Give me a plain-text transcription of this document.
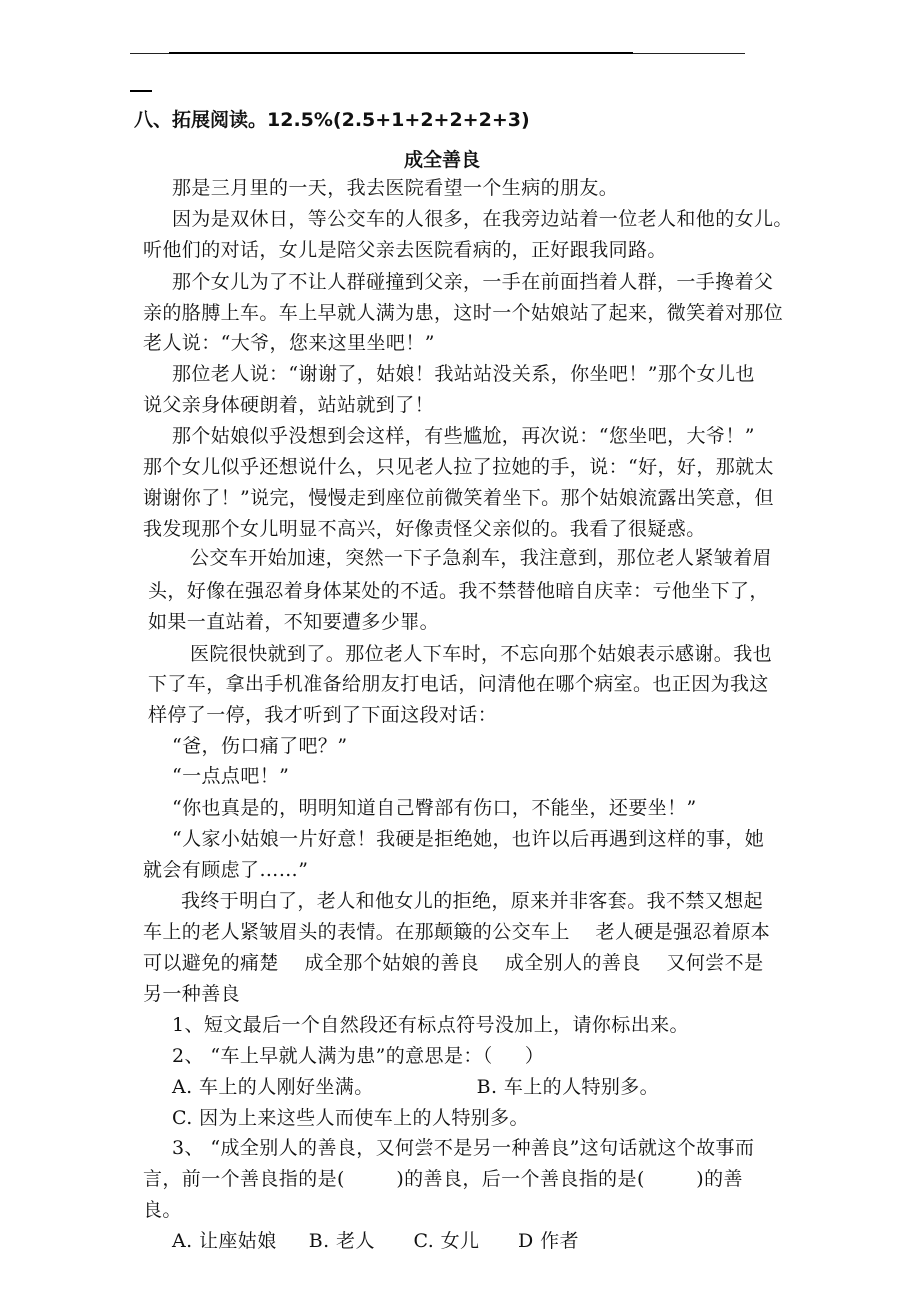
八、拓展阅读。12.5%(2.5+1+2+2+2+3)
成全善良
那是三月里的一天，我去医院看望一个生病的朋友。
因为是双休日，等公交车的人很多，在我旁边站着一位老人和他的女儿。
听他们的对话，女儿是陪父亲去医院看病的，正好跟我同路。
那个女儿为了不让人群碰撞到父亲，一手在前面挡着人群，一手搀着父
亲的胳膊上车。车上早就人满为患，这时一个姑娘站了起来，微笑着对那位
老人说：“大爷，您来这里坐吧！”
那位老人说：“谢谢了，姑娘！我站站没关系，你坐吧！”那个女儿也
说父亲身体硬朗着，站站就到了！
那个姑娘似乎没想到会这样，有些尴尬，再次说：“您坐吧，大爷！”
那个女儿似乎还想说什么，只见老人拉了拉她的手，说：“好，好，那就太
谢谢你了！”说完，慢慢走到座位前微笑着坐下。那个姑娘流露出笑意，但
我发现那个女儿明显不高兴，好像责怪父亲似的。我看了很疑惑。
公交车开始加速，突然一下子急刹车，我注意到，那位老人紧皱着眉
头，好像在强忍着身体某处的不适。我不禁替他暗自庆幸：亏他坐下了，
如果一直站着，不知要遭多少罪。
医院很快就到了。那位老人下车时，不忘向那个姑娘表示感谢。我也
下了车，拿出手机准备给朋友打电话，问清他在哪个病室。也正因为我这
样停了一停，我才听到了下面这段对话：
“爸，伤口痛了吧？”
“一点点吧！”
“你也真是的，明明知道自己臀部有伤口，不能坐，还要坐！”
“人家小姑娘一片好意！我硬是拒绝她，也许以后再遇到这样的事，她
就会有顾虑了……”
我终于明白了，老人和他女儿的拒绝，原来并非客套。我不禁又想起
车上的老人紧皱眉头的表情。在那颠簸的公交车上    老人硬是强忍着原本
可以避免的痛楚    成全那个姑娘的善良    成全别人的善良    又何尝不是
另一种善良
1、短文最后一个自然段还有标点符号没加上，请你标出来。
2、 “车上早就人满为患”的意思是：（     ）
A. 车上的人刚好坐满。                B. 车上的人特别多。
C. 因为上来这些人而使车上的人特别多。
3、 “成全别人的善良，又何尝不是另一种善良”这句话就这个故事而
言，前一个善良指的是(        )的善良，后一个善良指的是(        )的善
良。
A. 让座姑娘     B. 老人      C. 女儿      D 作者
